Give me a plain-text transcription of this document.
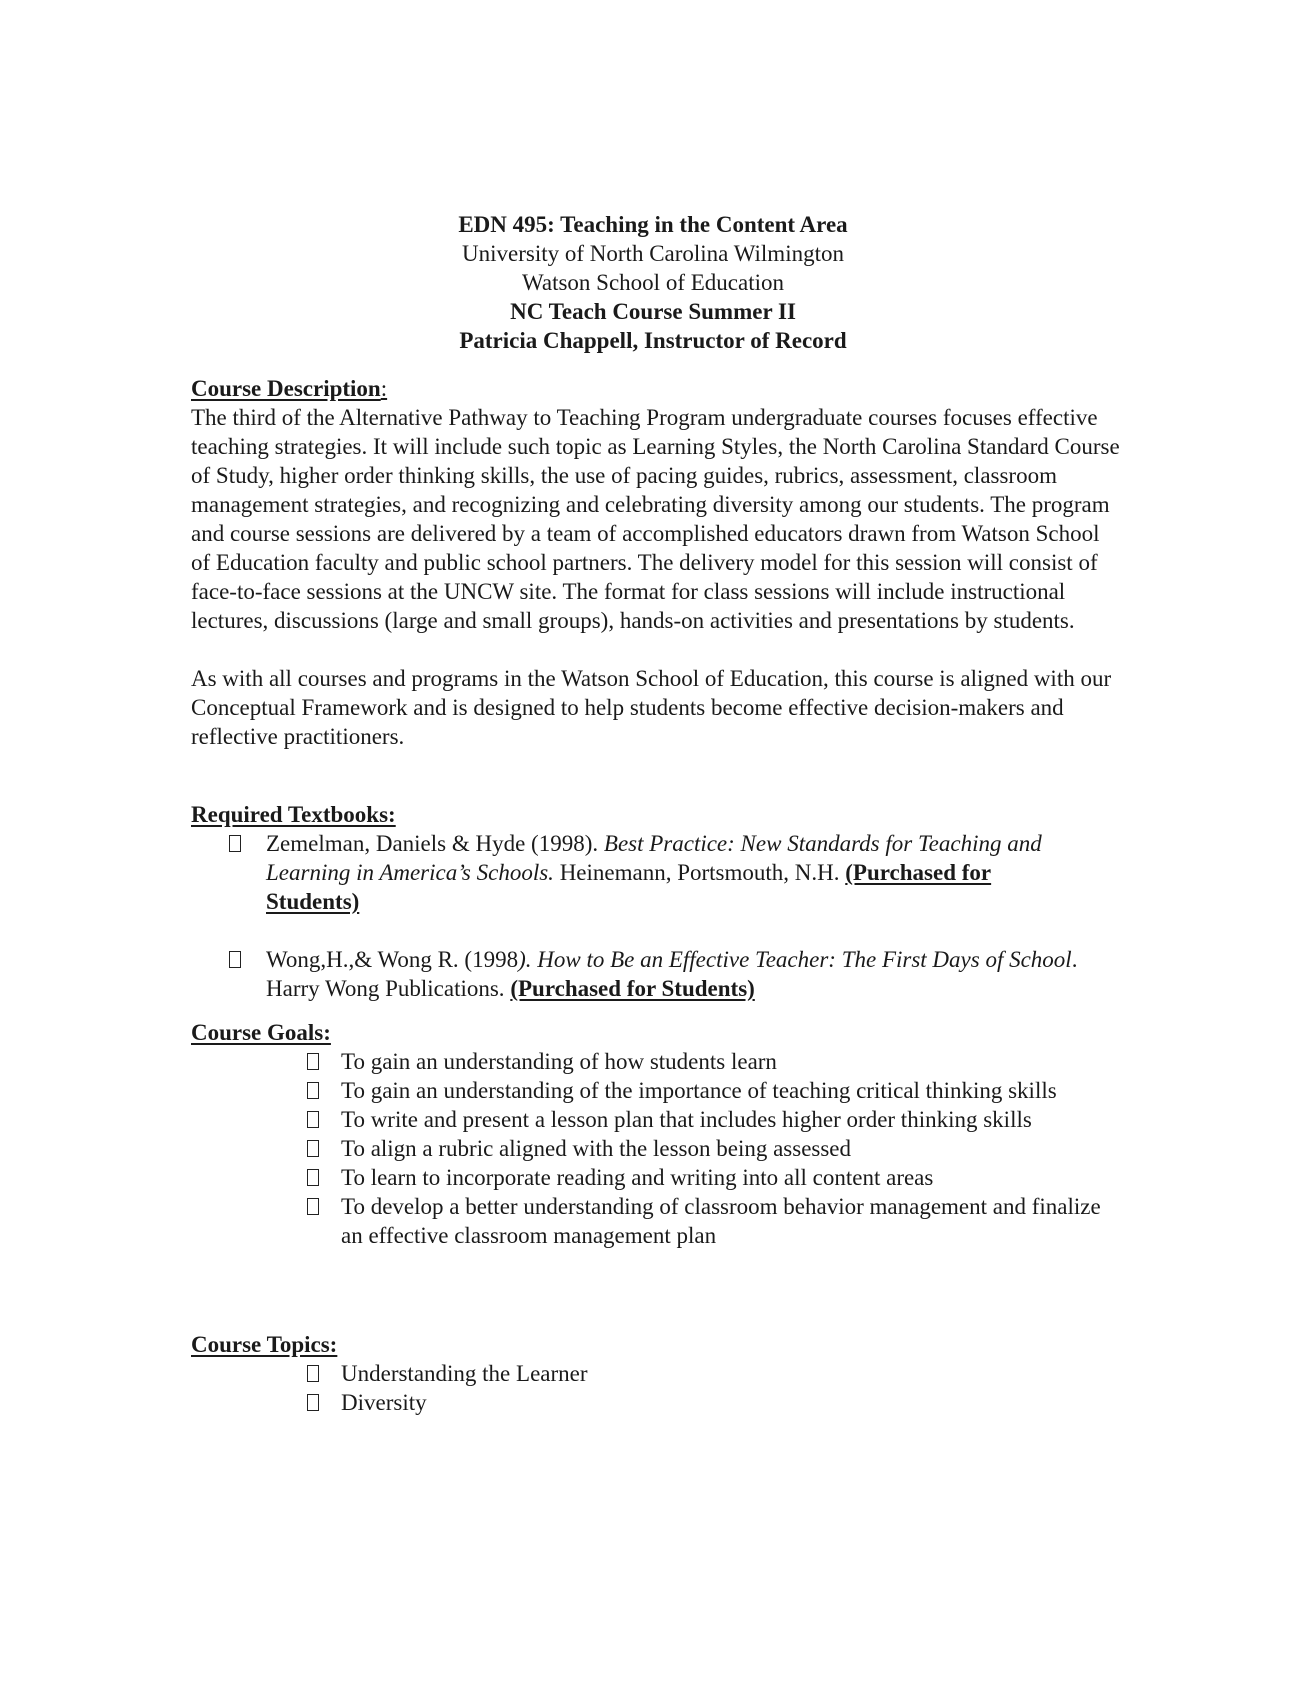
EDN 495: Teaching in the Content Area
University of North Carolina Wilmington
Watson School of Education
NC Teach Course Summer II
Patricia Chappell, Instructor of Record
Course Description:

The third of the Alternative Pathway to Teaching Program undergraduate courses focuses effective teaching strategies. It will include such topic as Learning Styles, the North Carolina Standard Course of Study, higher order thinking skills, the use of pacing guides, rubrics, assessment, classroom management strategies, and recognizing and celebrating diversity among our students. The program and course sessions are delivered by a team of accomplished educators drawn from Watson School of Education faculty and public school partners. The delivery model for this session will consist of face-to-face sessions at the UNCW site. The format for class sessions will include instructional lectures, discussions (large and small groups), hands-on activities and presentations by students.

As with all courses and programs in the Watson School of Education, this course is aligned with our Conceptual Framework and is designed to help students become effective decision-makers and reflective practitioners.

Required Textbooks:
Zemelman, Daniels & Hyde (1998). Best Practice: New Standards for Teaching and Learning in America’s Schools. Heinemann, Portsmouth, N.H. (Purchased for Students)
Wong,H.,& Wong R. (1998). How to Be an Effective Teacher: The First Days of School. Harry Wong Publications. (Purchased for Students)
Course Goals:
To gain an understanding of how students learn
To gain an understanding of the importance of teaching critical thinking skills
To write and present a lesson plan that includes higher order thinking skills
To align a rubric aligned with the lesson being assessed
To learn to incorporate reading and writing into all content areas
To develop a better understanding of classroom behavior management and finalize an effective classroom management plan
Course Topics:
Understanding the Learner
Diversity
